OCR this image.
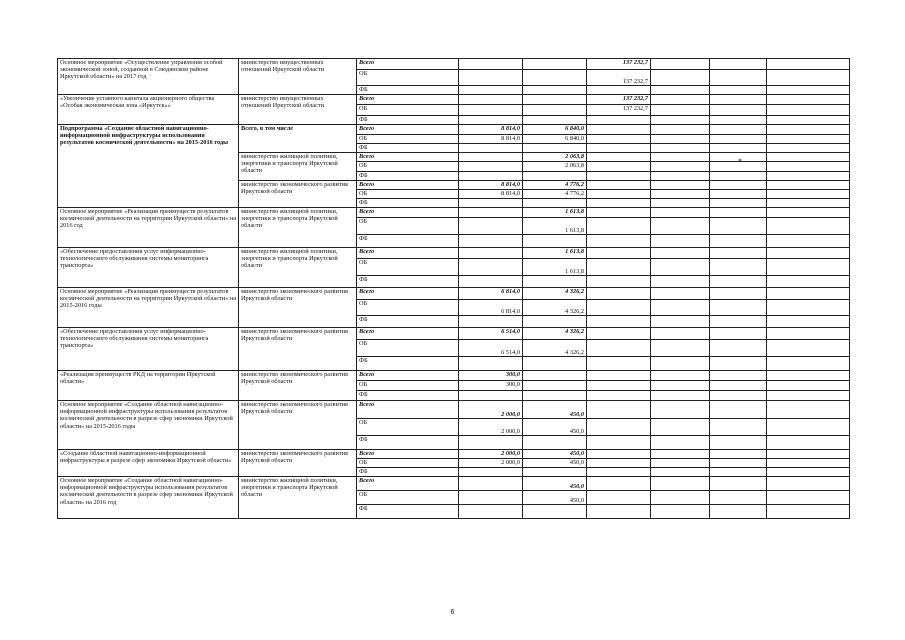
Основное мероприятие «Осуществление управления особой экономической зоной, созданной в Слюдянском районе Иркутской области» на 2017 год	министерство имущественных отношений Иркутской области	Всего			137 232,7			
		ОБ			137 232,7			
		ФБ						
«Увеличение уставного капитала акционерного общества «Особая экономическая зона «Иркутск»»	министерство имущественных отношений Иркутской области	Всего			137 232,7			
		ОБ			137 232,7			
		ФБ						
Подпрограмма «Создание областной навигационно-информационной инфраструктуры использования результатов космической деятельности» на 2015-2016 годы	Всего, в том числе	Всего	8 814,0	6 840,0				
		ОБ	8 814,0	6 840,0				
		ФБ						
	министерство жилищной политики, энергетики и транспорта Иркутской области	Всего		2 063,8				
		ОБ		2 063,8				
		ФБ						
	министерство экономического развития Иркутской области	Всего	8 814,0	4 776,2				
		ОБ	8 814,0	4 776,2				
		ФБ						
Основное мероприятие «Реализация преимуществ результатов космической деятельности на территории Иркутской области» на 2016 год	министерство жилищной политики, энергетики и транспорта Иркутской области	Всего		1 613,8				
		ОБ		1 613,8				
		ФБ						
«Обеспечение предоставления услуг информационно-технологического обслуживания системы мониторинга транспорта»	министерство жилищной политики, энергетики и транспорта Иркутской области	Всего		1 613,8				
		ОБ		1 613,8				
		ФБ						
Основное мероприятие «Реализация преимуществ результатов космической деятельности на территории Иркутской области» на 2015-2016 годы	министерство экономического развития Иркутской области	Всего	6 814,0	4 326,2				
		ОБ	6 814,0	4 326,2				
		ФБ						
«Обеспечение предоставления услуг информационно-технологического обслуживания системы мониторинга транспорта»	министерство экономического развития Иркутской области	Всего	6 514,0	4 326,2				
		ОБ	6 514,0	4 326,2				
		ФБ						
«Реализация преимуществ РКД на территории Иркутской области»	министерство экономического развития Иркутской области	Всего	300,0					
		ОБ	300,0					
		ФБ						
Основное мероприятие «Создание областной навигационно-информационной инфраструктуры использования результатов космической деятельности в разрезе сфер экономики Иркутской области» на 2015-2016 годы	министерство экономического развития Иркутской области	Всего	2 000,0	450,0				
		ОБ	2 000,0	450,0				
		ФБ						
«Создание областной навигационно-информационной инфраструктуры в разрезе сфер экономики Иркутской области»	министерство экономического развития Иркутской области	Всего	2 000,0	450,0				
		ОБ	2 000,0	450,0				
		ФБ						
Основное мероприятие «Создание областной навигационно-информационной инфраструктуры использования результатов космической деятельности в разрезе сфер экономики Иркутской области» на 2016 год	министерство жилищной политики, энергетики и транспорта Иркутской области	Всего		450,0				
		ОБ		450,0				
		ФБ						
*
6
